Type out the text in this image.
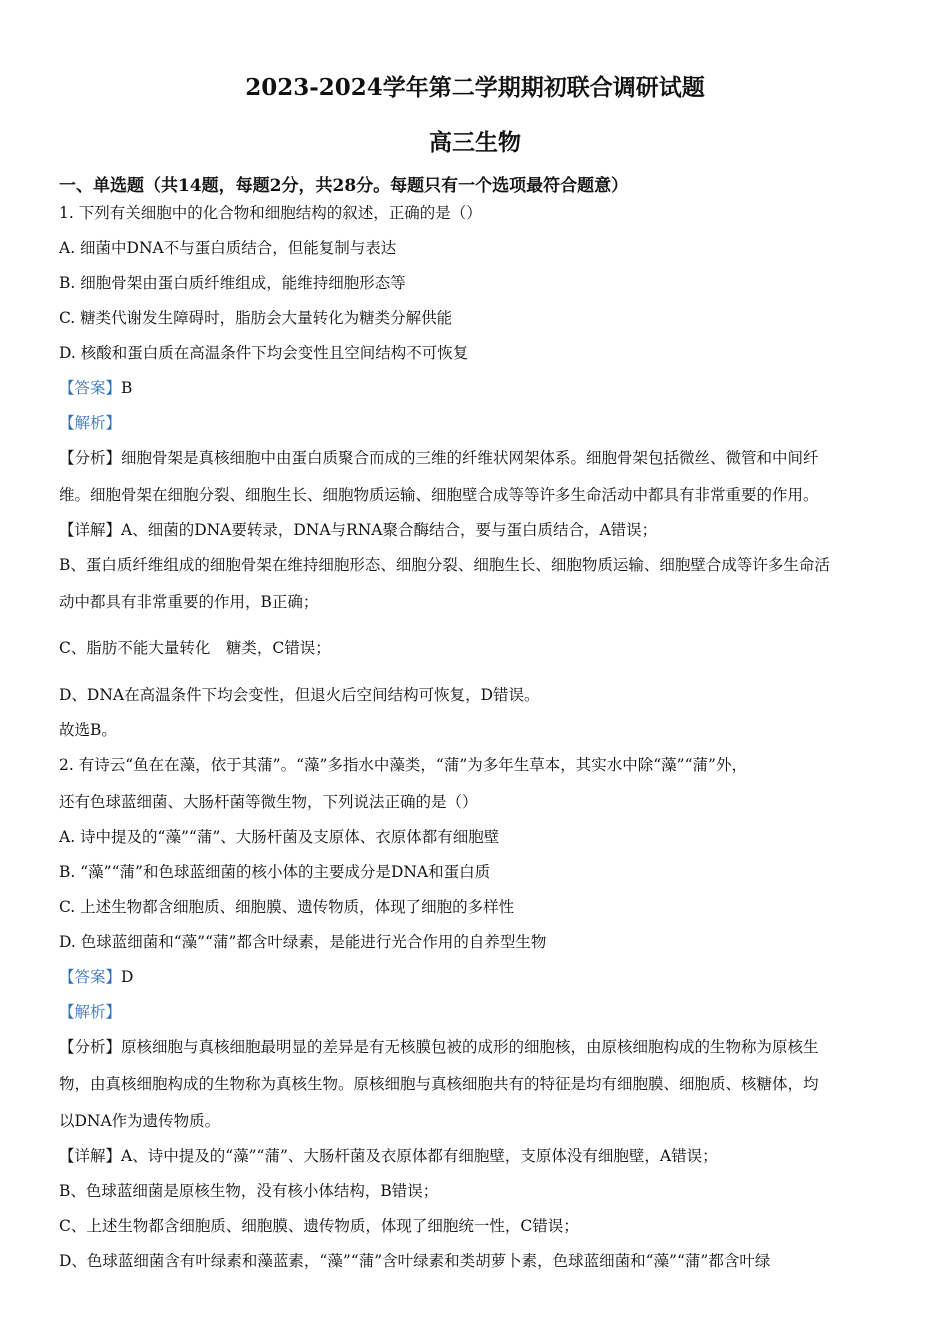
2023-2024学年第二学期期初联合调研试题
高三生物
一、单选题（共14题，每题2分，共28分。每题只有一个选项最符合题意）
1. 下列有关细胞中的化合物和细胞结构的叙述，正确的是（）
A. 细菌中DNA不与蛋白质结合，但能复制与表达
B. 细胞骨架由蛋白质纤维组成，能维持细胞形态等
C. 糖类代谢发生障碍时，脂肪会大量转化为糖类分解供能
D. 核酸和蛋白质在高温条件下均会变性且空间结构不可恢复
【答案】B
【解析】
【分析】细胞骨架是真核细胞中由蛋白质聚合而成的三维的纤维状网架体系。细胞骨架包括微丝、微管和中间纤
维。细胞骨架在细胞分裂、细胞生长、细胞物质运输、细胞壁合成等等许多生命活动中都具有非常重要的作用。
【详解】A、细菌的DNA要转录，DNA与RNA聚合酶结合，要与蛋白质结合，A错误；
B、蛋白质纤维组成的细胞骨架在维持细胞形态、细胞分裂、细胞生长、细胞物质运输、细胞壁合成等许多生命活
动中都具有非常重要的作用，B正确；
C、脂肪不能大量转化　糖类，C错误；
D、DNA在高温条件下均会变性，但退火后空间结构可恢复，D错误。
故选B。
2. 有诗云“鱼在在藻，依于其蒲”。“藻”多指水中藻类，“蒲”为多年生草本，其实水中除“藻”“蒲”外，
还有色球蓝细菌、大肠杆菌等微生物，下列说法正确的是（）
A. 诗中提及的“藻”“蒲”、大肠杆菌及支原体、衣原体都有细胞壁
B. “藻”“蒲”和色球蓝细菌的核小体的主要成分是DNA和蛋白质
C. 上述生物都含细胞质、细胞膜、遗传物质，体现了细胞的多样性
D. 色球蓝细菌和“藻”“蒲”都含叶绿素，是能进行光合作用的自养型生物
【答案】D
【解析】
【分析】原核细胞与真核细胞最明显的差异是有无核膜包被的成形的细胞核，由原核细胞构成的生物称为原核生
物，由真核细胞构成的生物称为真核生物。原核细胞与真核细胞共有的特征是均有细胞膜、细胞质、核糖体，均
以DNA作为遗传物质。
【详解】A、诗中提及的“藻”“蒲”、大肠杆菌及衣原体都有细胞壁，支原体没有细胞壁，A错误；
B、色球蓝细菌是原核生物，没有核小体结构，B错误；
C、上述生物都含细胞质、细胞膜、遗传物质，体现了细胞统一性，C错误；
D、色球蓝细菌含有叶绿素和藻蓝素，“藻”“蒲”含叶绿素和类胡萝卜素，色球蓝细菌和“藻”“蒲”都含叶绿
